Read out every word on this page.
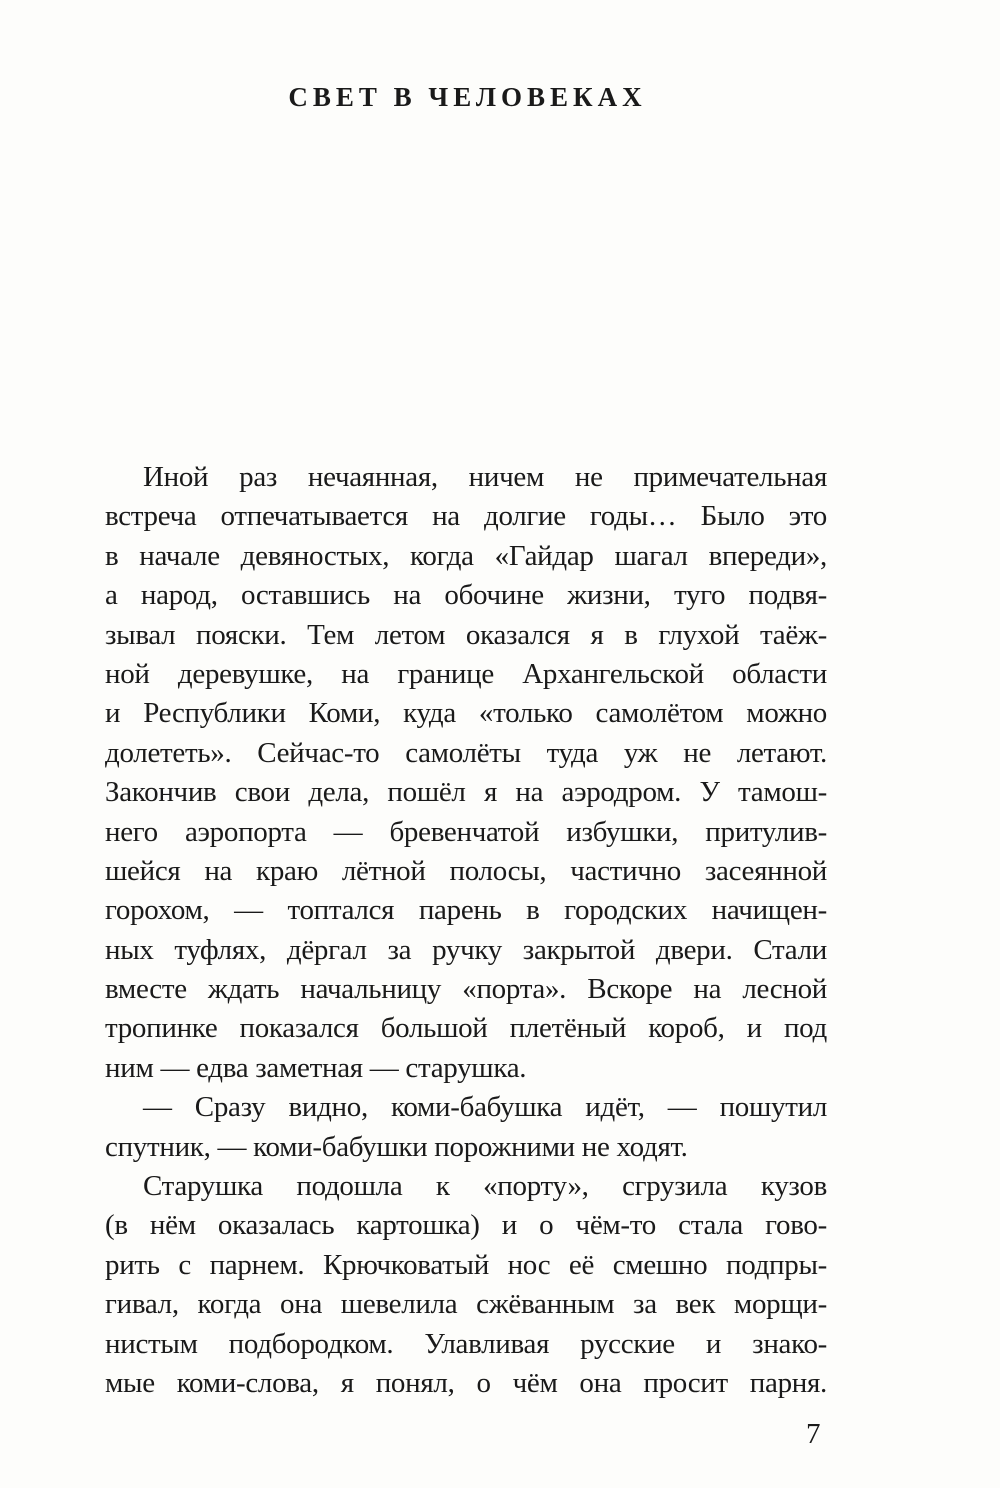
СВЕТ В ЧЕЛОВЕКАХ
Иной раз нечаянная, ничем не примечательная
встреча отпечатывается на долгие годы… Было это
в начале девяностых, когда «Гайдар шагал впереди»,
а народ, оставшись на обочине жизни, туго подвя-
зывал пояски. Тем летом оказался я в глухой таёж-
ной деревушке, на границе Архангельской области
и Республики Коми, куда «только самолётом можно
долететь». Сейчас-то самолёты туда уж не летают.
Закончив свои дела, пошёл я на аэродром. У тамош-
него аэропорта — бревенчатой избушки, притулив-
шейся на краю лётной полосы, частично засеянной
горохом, — топтался парень в городских начищен-
ных туфлях, дёргал за ручку закрытой двери. Стали
вместе ждать начальницу «порта». Вскоре на лесной
тропинке показался большой плетёный короб, и под
ним — едва заметная — старушка.
— Сразу видно, коми-бабушка идёт, — пошутил
спутник, — коми-бабушки порожними не ходят.
Старушка подошла к «порту», сгрузила кузов
(в нём оказалась картошка) и о чём-то стала гово-
рить с парнем. Крючковатый нос её смешно подпры-
гивал, когда она шевелила сжёванным за век морщи-
нистым подбородком. Улавливая русские и знако-
мые коми-слова, я понял, о чём она просит парня.
7
